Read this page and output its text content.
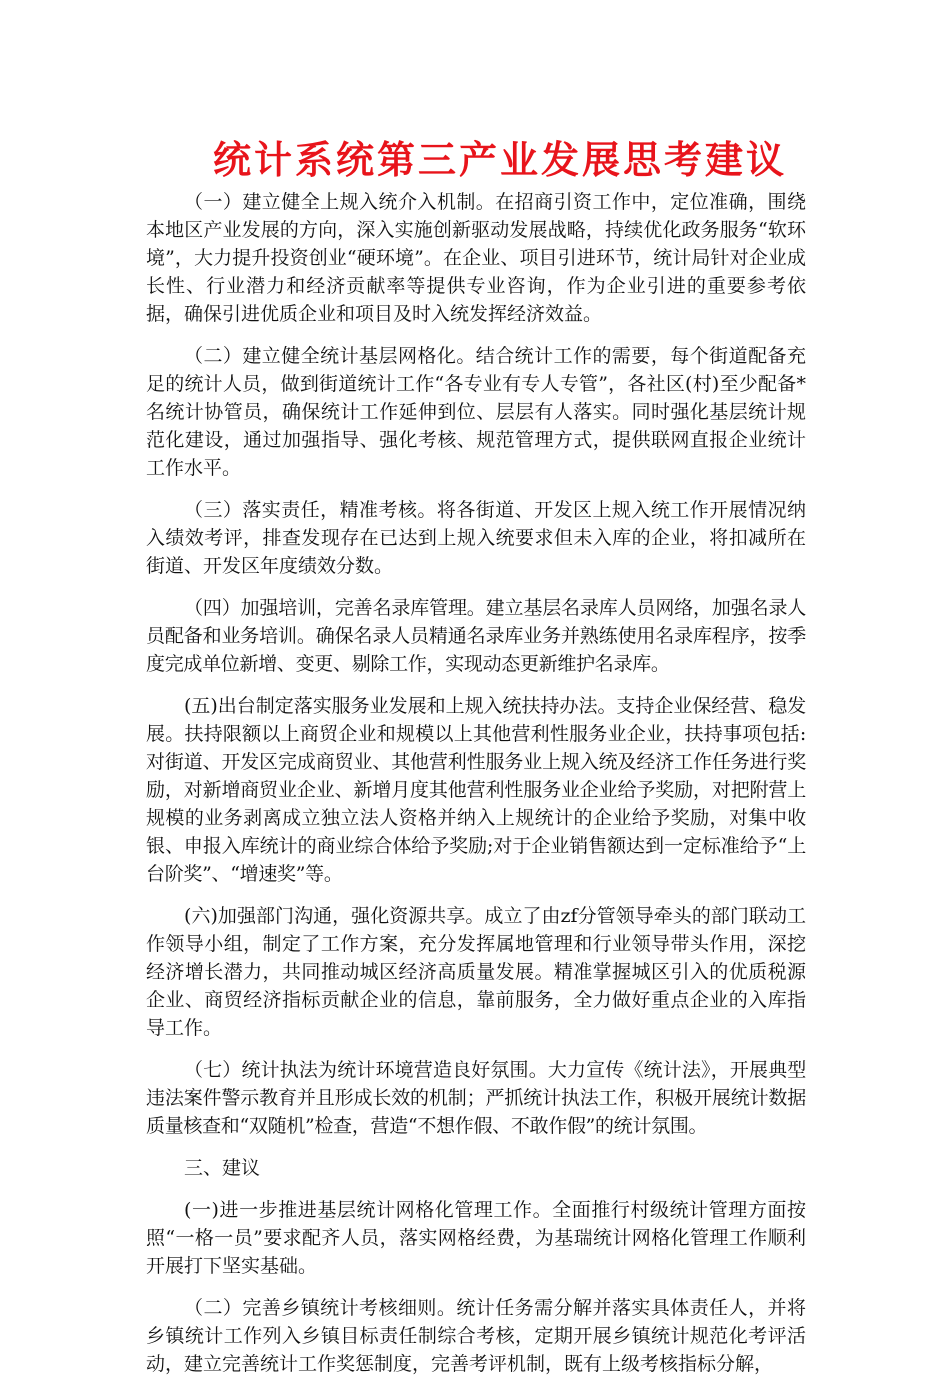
统计系统第三产业发展思考建议

（一）建立健全上规入统介入机制。在招商引资工作中，定位准确，围绕本地区产业发展的方向，深入实施创新驱动发展战略，持续优化政务服务“软环境”，大力提升投资创业“硬环境”。在企业、项目引进环节，统计局针对企业成长性、行业潜力和经济贡献率等提供专业咨询，作为企业引进的重要参考依据，确保引进优质企业和项目及时入统发挥经济效益。

（二）建立健全统计基层网格化。结合统计工作的需要，每个街道配备充足的统计人员，做到街道统计工作“各专业有专人专管”，各社区(村)至少配备*名统计协管员，确保统计工作延伸到位、层层有人落实。同时强化基层统计规范化建设，通过加强指导、强化考核、规范管理方式，提供联网直报企业统计工作水平。

（三）落实责任，精准考核。将各街道、开发区上规入统工作开展情况纳入绩效考评，排查发现存在已达到上规入统要求但未入库的企业，将扣减所在街道、开发区年度绩效分数。

（四）加强培训，完善名录库管理。建立基层名录库人员网络，加强名录人员配备和业务培训。确保名录人员精通名录库业务并熟练使用名录库程序，按季度完成单位新增、变更、剔除工作，实现动态更新维护名录库。

(五)出台制定落实服务业发展和上规入统扶持办法。支持企业保经营、稳发展。扶持限额以上商贸企业和规模以上其他营利性服务业企业，扶持事项包括:对街道、开发区完成商贸业、其他营利性服务业上规入统及经济工作任务进行奖励，对新增商贸业企业、新增月度其他营利性服务业企业给予奖励，对把附营上规模的业务剥离成立独立法人资格并纳入上规统计的企业给予奖励，对集中收银、申报入库统计的商业综合体给予奖励;对于企业销售额达到一定标准给予“上台阶奖”、“增速奖”等。

(六)加强部门沟通，强化资源共享。成立了由zf分管领导牵头的部门联动工作领导小组，制定了工作方案，充分发挥属地管理和行业领导带头作用，深挖经济增长潜力，共同推动城区经济高质量发展。精准掌握城区引入的优质税源企业、商贸经济指标贡献企业的信息，靠前服务，全力做好重点企业的入库指导工作。

（七）统计执法为统计环境营造良好氛围。大力宣传《统计法》，开展典型违法案件警示教育并且形成长效的机制；严抓统计执法工作，积极开展统计数据质量核查和“双随机”检查，营造“不想作假、不敢作假”的统计氛围。

三、建议

(一)进一步推进基层统计网格化管理工作。全面推行村级统计管理方面按照“一格一员”要求配齐人员，落实网格经费，为基瑞统计网格化管理工作顺利开展打下坚实基础。

（二）完善乡镇统计考核细则。统计任务需分解并落实具体责任人，并将乡镇统计工作列入乡镇目标责任制综合考核，定期开展乡镇统计规范化考评活动，建立完善统计工作奖惩制度，完善考评机制，既有上级考核指标分解，
